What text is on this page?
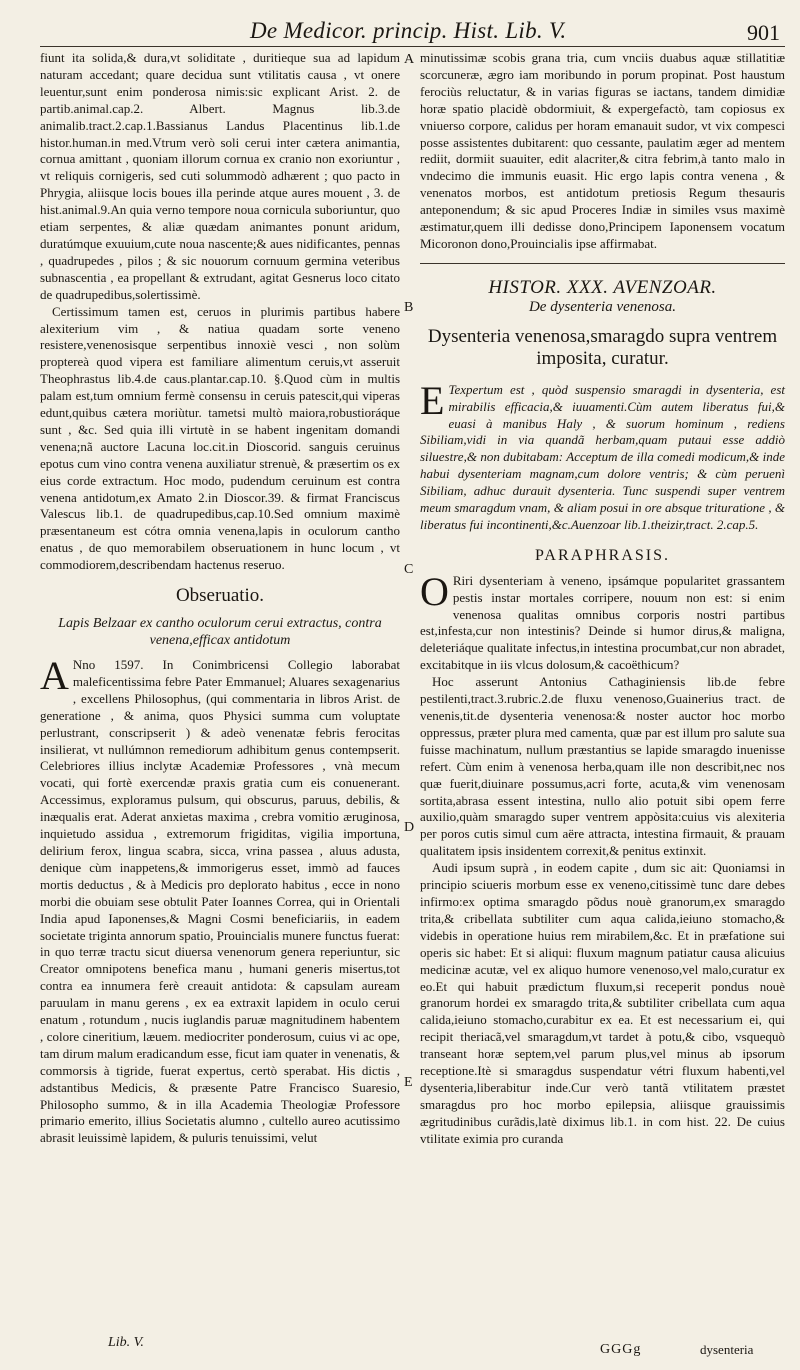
De Medicor. princip. Hist. Lib. V.	901

fiunt ita solida,& dura,vt soliditate , duritieque sua ad lapidum naturam accedant; quare decidua sunt vtilitatis causa , vt onere leuentur,sunt enim ponderosa nimis:sic explicant Arist. 2. de partib.animal.cap.2. Albert. Magnus lib.3.de animalib.tract.2.cap.1.Bassianus Landus Placentinus lib.1.de histor.human.in med.Vtrum verò soli cerui inter cætera animantia, cornua amittant , quoniam illorum cornua ex cranio non exoriuntur , vt reliquis cornigeris, sed cuti solummodò adhærent ; quo pacto in Phrygia, aliisque locis boues illa perinde atque aures mouent , 3. de hist.animal.9.An quia verno tempore noua cornicula suboriuntur, quo etiam serpentes, & aliæ quædam animantes ponunt aridum, duratúmque exuuium,cute noua nascente;& aues nidificantes, pennas , quadrupedes , pilos ; & sic nouorum cornuum germina veteribus subnascentia , ea propellant & extrudant, agitat Gesnerus loco citato de quadrupedibus,solertissimè.

Certissimum tamen est, ceruos in plurimis partibus habere alexiterium vim , & natiua quadam sorte veneno resistere,venenosisque serpentibus innoxiè vesci , non solùm proptereà quod vipera est familiare alimentum ceruis,vt asseruit Theophrastus lib.4.de caus.plantar.cap.10. §.Quod cùm in multis palam est,tum omnium fermè consensu in ceruis patescit,qui viperas edunt,quibus cætera moriùtur. tametsi multò maiora,robustioráque sunt , &c. Sed quia illi virtutè in se habent ingenitam domandi venena;nã auctore Lacuna loc.cit.in Dioscorid. sanguis ceruinus epotus cum vino contra venena auxiliatur strenuè, & præsertim os ex eius corde extractum. Hoc modo, pudendum ceruinum est contra venena antidotum,ex Amato 2.in Dioscor.39. & firmat Franciscus Valescus lib.1. de quadrupedibus,cap.10.Sed omnium maximè præsentaneum est cótra omnia venena,lapis in oculorum cantho enatus , de quo memorabilem obseruationem in hunc locum , vt commodiorem,describendam hactenus reseruo.

Obseruatio.
Lapis Belzaar ex cantho oculorum cerui extractus, contra venena,efficax antidotum

A Nno 1597. In Conimbricensi Collegio laborabat maleficentissima febre Pater Emmanuel; Aluares sexagenarius , excellens Philosophus, (qui commentaria in libros Arist. de generatione , & anima, quos Physici summa cum voluptate perlustrant, conscripserit ) & adeò venenatæ febris ferocitas insilierat, vt nullúmnon remediorum adhibitum genus contempserit. Celebriores illius inclytæ Academiæ Professores , vnà mecum vocati, qui fortè exercendæ praxis gratia cum eis conuenerant. Accessimus, exploramus pulsum, qui obscurus, paruus, debilis, & inæqualis erat. Aderat anxietas maxima , crebra vomitio æruginosa, inquietudo assidua , extremorum frigiditas, vigilia importuna, delirium ferox, lingua scabra, sicca, vrina passea , aluus adusta, denique cùm inappetens,& immorigerus esset, immò ad fauces mortis deductus , & à Medicis pro deplorato habitus , ecce in nono morbi die obuiam sese obtulit Pater Ioannes Correa, qui in Orientali India apud Iaponenses,& Magni Cosmi beneficiariis, in eadem societate triginta annorum spatio, Prouincialis munere functus fuerat: in quo terræ tractu sicut diuersa venenorum genera reperiuntur, sic Creator omnipotens benefica manu , humani generis misertus,tot contra ea innumera ferè creauit antidota: & capsulam auream paruulam in manu gerens , ex ea extraxit lapidem in oculo cerui enatum , rotundum , nucis iuglandis paruæ magnitudinem habentem , colore cineritium, læuem. mediocriter ponderosum, cuius vi ac ope, tam dirum malum eradicandum esse, ficut iam quater in venenatis, & commorsis à tigride, fuerat expertus, certò sperabat. His dictis , adstantibus Medicis, & præsente Patre Francisco Suaresio, Philosopho summo, & in illa Academia Theologiæ Professore primario emerito, illius Societatis alumno , cultello aureo acutissimo abrasit leuissimè lapidem, & puluris tenuissimi, velut

minutissimæ scobis grana tria, cum vnciis duabus aquæ stillatitiæ scorcuneræ, ægro iam moribundo in porum propinat. Post haustum ferociùs reluctatur, & in varias figuras se iactans, tandem dimidiæ horæ spatio placidè obdormiuit, & expergefactò, tam copiosus ex vniuerso corpore, calidus per horam emanauit sudor, vt vix compesci posse assistentes dubitarent: quo cessante, paulatim æger ad mentem rediit, dormiit suauiter, edit alacriter,& citra febrim,à tanto malo in vndecimo die immunis euasit. Hic ergo lapis contra venena , & venenatos morbos, est antidotum pretiosis Regum thesauris anteponendum; & sic apud Proceres Indiæ in similes vsus maximè æstimatur,quem illi dedisse dono,Principem Iaponensem vocatum Micoronon dono,Prouincialis ipse affirmabat.

HISTOR. XXX. AVENZOAR.
De dysenteria venenosa.
Dysenteria venenosa,smaragdo supra ventrem imposita, curatur.

E Texpertum est , quòd suspensio smaragdi in dysenteria, est mirabilis efficacia,& iuuamenti.Cùm autem liberatus fui,& euasi à manibus Haly , & suorum hominum , rediens Sibiliam,vidi in via quandã herbam,quam putaui esse addiò siluestre,& non dubitabam: Acceptum de illa comedi modicum,& inde habui dysenteriam magnam,cum dolore ventris; & cùm peruenì Sibiliam, adhuc durauit dysenteria. Tunc suspendi super ventrem meum smaragdum vnam, & aliam posui in ore absque trituratione , & liberatus fui incontinenti,&c.Auenzoar lib.1.theizir,tract. 2.cap.5.

PARAPHRASIS.

O Riri dysenteriam à veneno, ipsámque popularitet grassantem pestis instar mortales corripere, nouum non est: si enim venenosa qualitas omnibus corporis nostri partibus est,infesta,cur non intestinis? Deinde si humor dirus,& maligna, deleteriáque qualitate infectus,in intestina procumbat,cur non abradet, excitabitque in iis vlcus dolosum,& cacoëthicum?

Hoc asserunt Antonius Cathaginiensis lib.de febre pestilenti,tract.3.rubric.2.de fluxu venenoso,Guainerius tract. de venenis,tit.de dysenteria venenosa:& noster auctor hoc morbo oppressus, præter plura med camenta, quæ par est illum pro salute sua fuisse machinatum, nullum præstantius se lapide smaragdo inuenisse refert. Cùm enim à venenosa herba,quam ille non describit,nec nos quæ fuerit,diuinare possumus,acri forte, acuta,& vim venenosam sortita,abrasa essent intestina, nullo alio potuit sibi opem ferre auxilio,quàm smaragdo super ventrem appòsita:cuius vis alexiteria per poros cutis simul cum aëre attracta, intestina firmauit, & prauam qualitatem ipsis insidentem correxit,& penitus extinxit.

Audi ipsum suprà , in eodem capite , dum sic ait: Quoniamsi in principio sciueris morbum esse ex veneno,citissimè tunc dare debes infirmo:ex optima smaragdo põdus nouè granorum,ex smaragdo trita,& cribellata subtiliter cum aqua calida,ieiuno stomacho,& videbis in operatione huius rem mirabilem,&c. Et in præfatione sui operis sic habet: Et si aliqui: fluxum magnum patiatur causa alicuius medicinæ acutæ, vel ex aliquo humore venenoso,vel malo,curatur ex eo.Et qui habuit prædictum fluxum,si receperit pondus nouè granorum hordei ex smaragdo trita,& subtiliter cribellata cum aqua calida,ieiuno stomacho,curabitur ex ea. Et est necessarium ei, qui recipit theriacã,vel smaragdum,vt tardet à potu,& cibo, vsquequò transeant horæ septem,vel parum plus,vel minus ab ipsorum receptione.Itè si smaragdus suspendatur vétri fluxum habenti,vel dysenteria,liberabitur inde.Cur verò tantã vtilitatem præstet smaragdus pro hoc morbo epilepsia, aliisque grauissimis ægritudinibus curãdis,latè diximus lib.1. in com hist. 22. De cuius vtilitate eximia pro curanda

A
B
C
D
E
Lib. V.	GGGg	dysenteria
